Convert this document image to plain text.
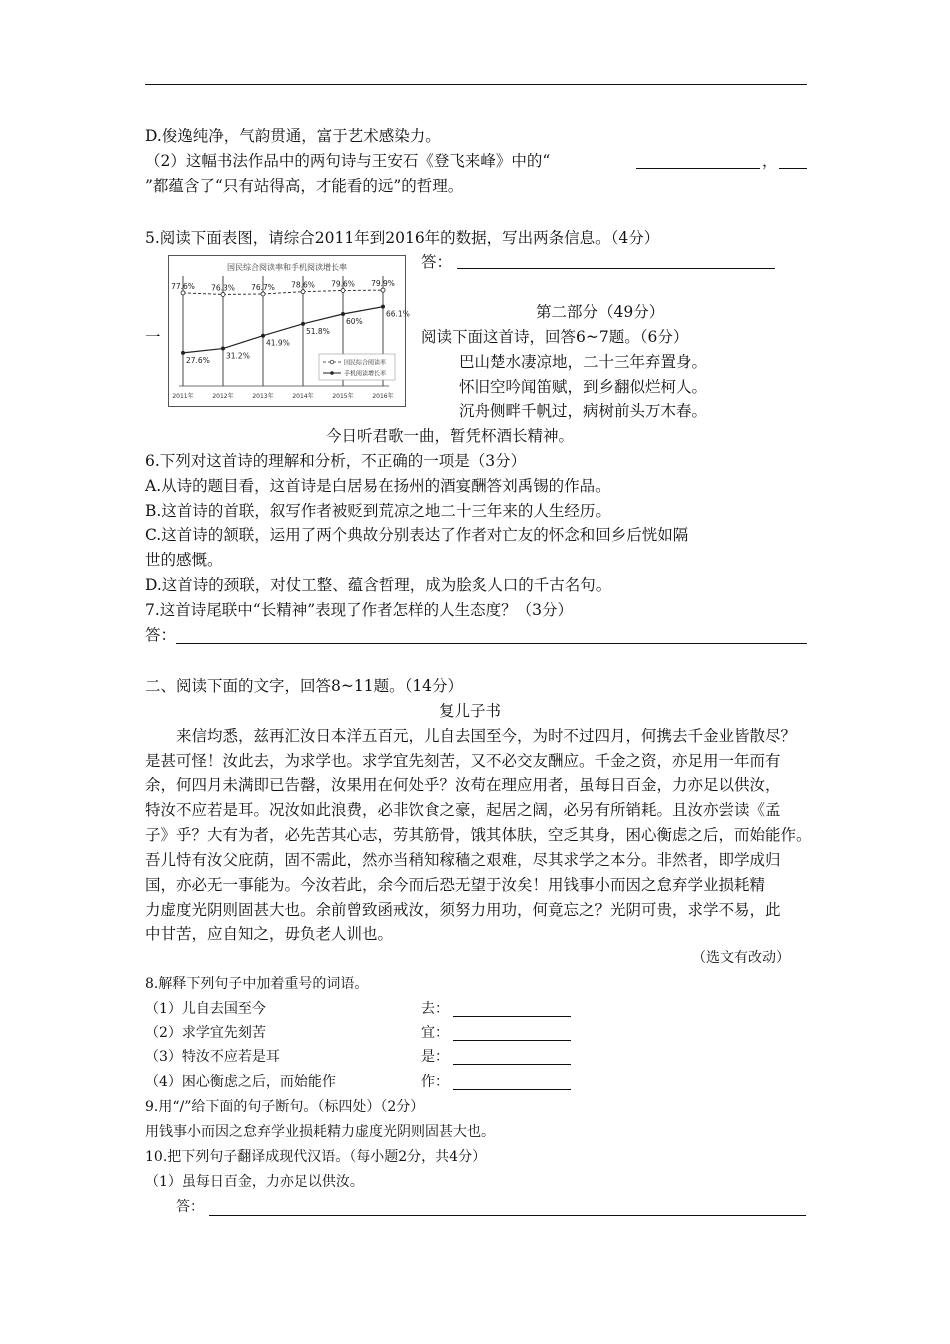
D.俊逸纯净，气韵贯通，富于艺术感染力。
（2）这幅书法作品中的两句诗与王安石《登飞来峰》中的“	，
”都蕴含了“只有站得高，才能看的远”的哲理。
5.阅读下面表图，请综合2011年到2016年的数据，写出两条信息。（4分）
答：
一
国民综合阅读率和手机阅读增长率
77.6% 76.3% 76.7% 78.6% 79.6% 79.9%
27.6% 31.2%
41.9%
51.8%
60%
66.1%
2011年	2012年	2013年	2014年	2015年	2016年
国民综合阅读率
手机阅读增长率
第二部分（49分）
阅读下面这首诗，回答6~7题。（6分）
巴山楚水凄凉地，二十三年弃置身。
怀旧空吟闻笛赋，到乡翻似烂柯人。
沉舟侧畔千帆过，病树前头万木春。
今日听君歌一曲，暂凭杯酒长精神。
6.下列对这首诗的理解和分析，不正确的一项是（3分）
A.从诗的题目看，这首诗是白居易在扬州的酒宴酬答刘禹锡的作品。
B.这首诗的首联，叙写作者被贬到荒凉之地二十三年来的人生经历。
C.这首诗的颔联，运用了两个典故分别表达了作者对亡友的怀念和回乡后恍如隔
世的感慨。
D.这首诗的颈联，对仗工整、蕴含哲理，成为脍炙人口的千古名句。
7.这首诗尾联中“长精神”表现了作者怎样的人生态度？（3分）
答：
二、阅读下面的文字，回答8~11题。（14分）
复儿子书
来信均悉，兹再汇汝日本洋五百元，儿自去国至今，为时不过四月，何携去千金业皆散尽？
是甚可怪！汝此去，为求学也。求学宜先刻苦，又不必交友酬应。千金之资，亦足用一年而有
余，何四月未满即已告罄，汝果用在何处乎？汝苟在理应用者，虽每日百金，力亦足以供汝，
特汝不应若是耳。况汝如此浪费，必非饮食之豪，起居之阔，必另有所销耗。且汝亦尝读《孟
子》乎？大有为者，必先苦其心志，劳其筋骨，饿其体肤，空乏其身，困心衡虑之后，而始能作。
吾儿恃有汝父庇荫，固不需此，然亦当稍知稼穑之艰难，尽其求学之本分。非然者，即学成归
国，亦必无一事能为。今汝若此，余今而后恐无望于汝矣！用钱事小而因之怠弃学业损耗精
力虚度光阴则固甚大也。余前曾致函戒汝，须努力用功，何竟忘之？光阴可贵，求学不易，此
中甘苦，应自知之，毋负老人训也。
（选文有改动）
8.解释下列句子中加着重号的词语。
（1）儿自去国至今	去：
（2）求学宜先刻苦	宜：
（3）特汝不应若是耳	是：
（4）困心衡虑之后，而始能作	作：
9.用“/”给下面的句子断句。（标四处）（2分）
用钱事小而因之怠弃学业损耗精力虚度光阴则固甚大也。
10.把下列句子翻译成现代汉语。（每小题2分，共4分）
（1）虽每日百金，力亦足以供汝。
答：
